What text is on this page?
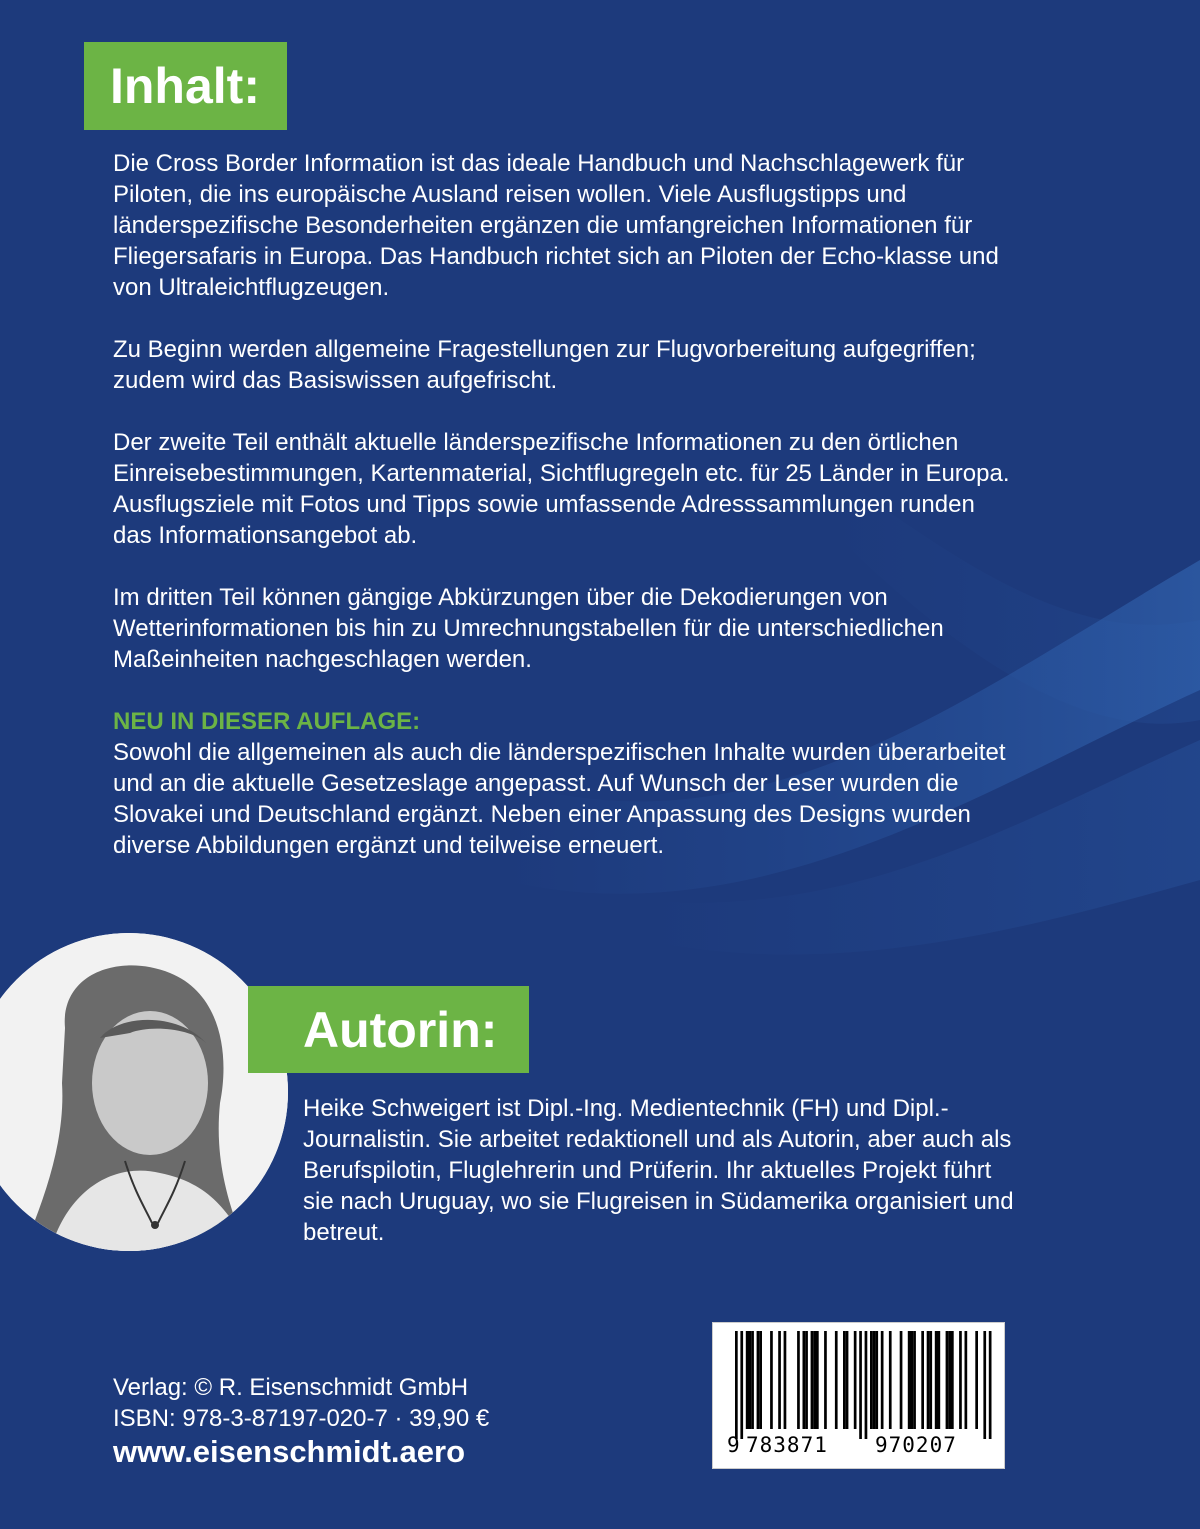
Inhalt:

Die Cross Border Information ist das ideale Handbuch und Nachschlagewerk für Piloten, die ins europäische Ausland reisen wollen. Viele Ausflugstipps und länderspezifische Besonderheiten ergänzen die umfangreichen Informationen für Fliegersafaris in Europa. Das Handbuch richtet sich an Piloten der Echo-klasse und von Ultraleichtflugzeugen.

Zu Beginn werden allgemeine Fragestellungen zur Flugvorbereitung aufgegriffen; zudem wird das Basiswissen aufgefrischt.

Der zweite Teil enthält aktuelle länderspezifische Informationen zu den örtlichen Einreisebestimmungen, Kartenmaterial, Sichtflugregeln etc. für 25 Länder in Europa. Ausflugsziele mit Fotos und Tipps sowie umfassende Adresssammlungen runden das Informationsangebot ab.

Im dritten Teil können gängige Abkürzungen über die Dekodierungen von Wetterinformationen bis hin zu Umrechnungstabellen für die unterschiedlichen Maßeinheiten nachgeschlagen werden.

NEU IN DIESER AUFLAGE:
Sowohl die allgemeinen als auch die länderspezifischen Inhalte wurden überarbeitet und an die aktuelle Gesetzeslage angepasst. Auf Wunsch der Leser wurden die Slovakei und Deutschland ergänzt. Neben einer Anpassung des Designs wurden diverse Abbildungen ergänzt und teilweise erneuert.

Autorin:
Heike Schweigert ist Dipl.-Ing. Medientechnik (FH) und Dipl.-Journalistin. Sie arbeitet redaktionell und als Autorin, aber auch als Berufspilotin, Fluglehrerin und Prüferin. Ihr aktuelles Projekt führt sie nach Uruguay, wo sie Flugreisen in Südamerika organisiert und betreut.
Verlag: © R. Eisenschmidt GmbH
ISBN: 978-3-87197-020-7 · 39,90 €
www.eisenschmidt.aero	9 783871 970207
